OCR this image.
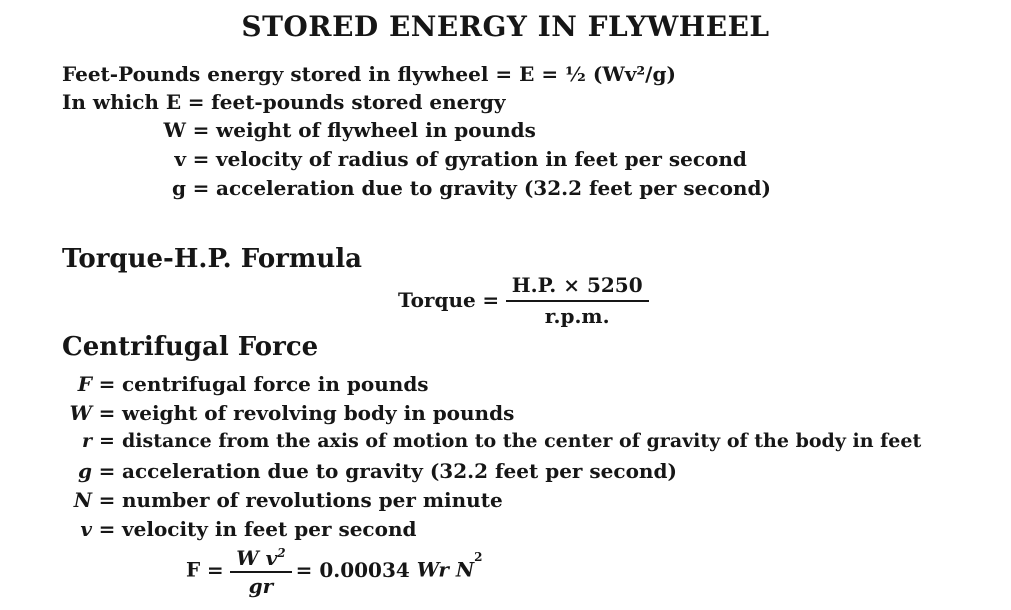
STORED ENERGY IN FLYWHEEL
Feet-Pounds energy stored in flywheel = E = ½ (Wv²/g)
In which E = feet-pounds stored energy
W = weight of flywheel in pounds
v = velocity of radius of gyration in feet per second
g = acceleration due to gravity (32.2 feet per second)
Torque-H.P. Formula
Torque = $\frac{H.P. \times 5250}{r.p.m.}$
Centrifugal Force
F = centrifugal force in pounds
W = weight of revolving body in pounds
r = distance from the axis of motion to the center of gravity of the body in feet
g = acceleration due to gravity (32.2 feet per second)
N = number of revolutions per minute
v = velocity in feet per second
$F = \frac{W v^2}{gr} = 0.00034$ Wr $N^2$
